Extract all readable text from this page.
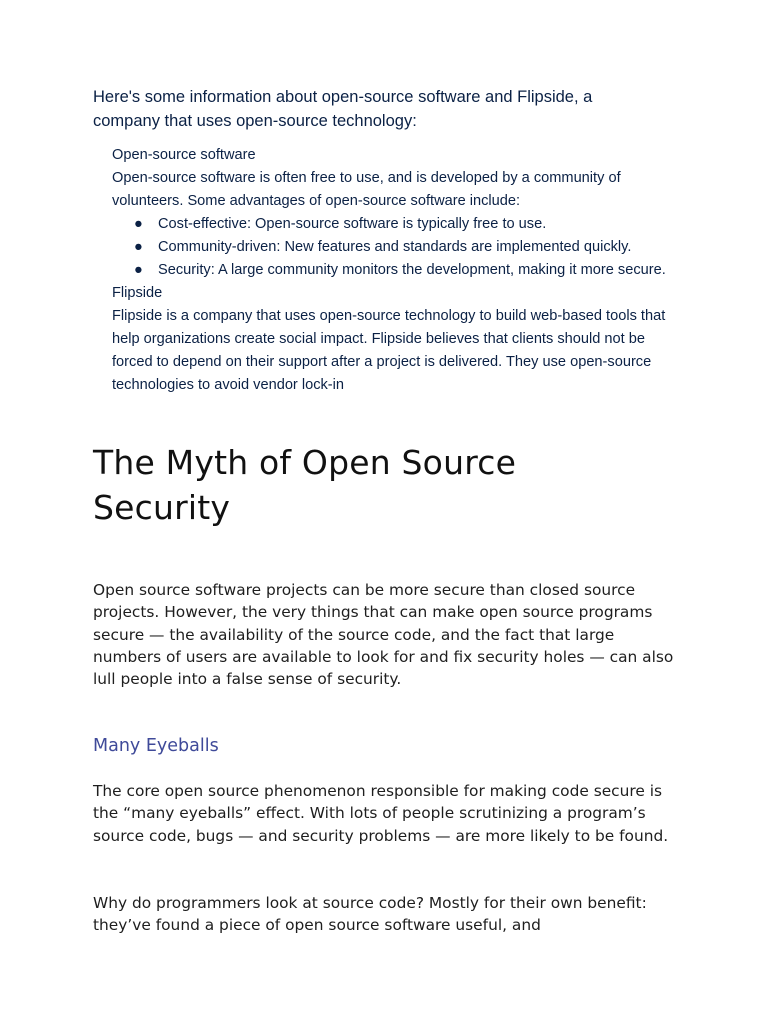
Here's some information about open-source software and Flipside, a company that uses open-source technology:

Open-source software

Open-source software is often free to use, and is developed by a community of volunteers. Some advantages of open-source software include:

● Cost-effective: Open-source software is typically free to use.
● Community-driven: New features and standards are implemented quickly.
● Security: A large community monitors the development, making it more secure.

Flipside

Flipside is a company that uses open-source technology to build web-based tools that help organizations create social impact. Flipside believes that clients should not be forced to depend on their support after a project is delivered. They use open-source technologies to avoid vendor lock-in

The Myth of Open Source Security

Open source software projects can be more secure than closed source projects. However, the very things that can make open source programs secure — the availability of the source code, and the fact that large numbers of users are available to look for and fix security holes — can also lull people into a false sense of security.

Many Eyeballs

The core open source phenomenon responsible for making code secure is the “many eyeballs” effect. With lots of people scrutinizing a program’s source code, bugs — and security problems — are more likely to be found.

Why do programmers look at source code? Mostly for their own benefit: they’ve found a piece of open source software useful, and
